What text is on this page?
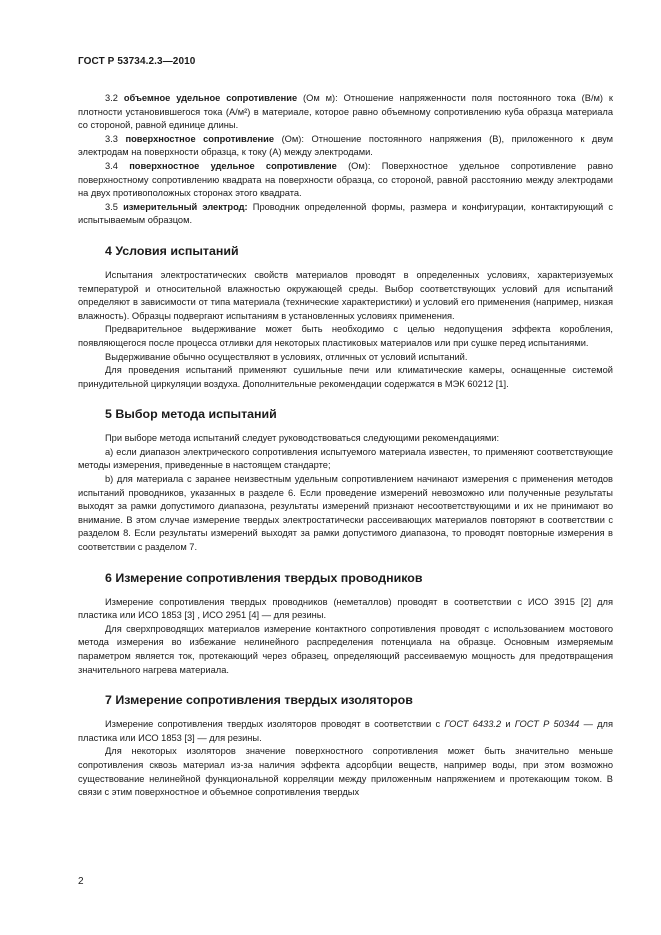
ГОСТ Р 53734.2.3—2010

3.2 объемное удельное сопротивление (Ом м): Отношение напряженности поля постоянного тока (В/м) к плотности установившегося тока (А/м²) в материале, которое равно объемному сопротивлению куба образца материала со стороной, равной единице длины.

3.3 поверхностное сопротивление (Ом): Отношение постоянного напряжения (В), приложенного к двум электродам на поверхности образца, к току (А) между электродами.

3.4 поверхностное удельное сопротивление (Ом): Поверхностное удельное сопротивление равно поверхностному сопротивлению квадрата на поверхности образца, со стороной, равной расстоянию между электродами на двух противоположных сторонах этого квадрата.

3.5 измерительный электрод: Проводник определенной формы, размера и конфигурации, контактирующий с испытываемым образцом.

4 Условия испытаний

Испытания электростатических свойств материалов проводят в определенных условиях, характеризуемых температурой и относительной влажностью окружающей среды. Выбор соответствующих условий для испытаний определяют в зависимости от типа материала (технические характеристики) и условий его применения (например, низкая влажность). Образцы подвергают испытаниям в установленных условиях применения.

Предварительное выдерживание может быть необходимо с целью недопущения эффекта коробления, появляющегося после процесса отливки для некоторых пластиковых материалов или при сушке перед испытаниями.

Выдерживание обычно осуществляют в условиях, отличных от условий испытаний.

Для проведения испытаний применяют сушильные печи или климатические камеры, оснащенные системой принудительной циркуляции воздуха. Дополнительные рекомендации содержатся в МЭК 60212 [1].

5 Выбор метода испытаний

При выборе метода испытаний следует руководствоваться следующими рекомендациями:

а) если диапазон электрического сопротивления испытуемого материала известен, то применяют соответствующие методы измерения, приведенные в настоящем стандарте;

b) для материала с заранее неизвестным удельным сопротивлением начинают измерения с применения методов испытаний проводников, указанных в разделе 6. Если проведение измерений невозможно или полученные результаты выходят за рамки допустимого диапазона, результаты измерений признают несоответствующими и их не принимают во внимание. В этом случае измерение твердых электростатически рассеивающих материалов повторяют в соответствии с разделом 8. Если результаты измерений выходят за рамки допустимого диапазона, то проводят повторные измерения в соответствии с разделом 7.

6 Измерение сопротивления твердых проводников

Измерение сопротивления твердых проводников (неметаллов) проводят в соответствии с ИСО 3915 [2] для пластика или ИСО 1853 [3] , ИСО 2951 [4] — для резины.

Для сверхпроводящих материалов измерение контактного сопротивления проводят с использованием мостового метода измерения во избежание нелинейного распределения потенциала на образце. Основным измеряемым параметром является ток, протекающий через образец, определяющий рассеиваемую мощность для предотвращения значительного нагрева материала.

7 Измерение сопротивления твердых изоляторов

Измерение сопротивления твердых изоляторов проводят в соответствии с ГОСТ 6433.2 и ГОСТ Р 50344 — для пластика или ИСО 1853 [3] — для резины.

Для некоторых изоляторов значение поверхностного сопротивления может быть значительно меньше сопротивления сквозь материал из-за наличия эффекта адсорбции веществ, например воды, при этом возможно существование нелинейной функциональной корреляции между приложенным напряжением и протекающим током. В связи с этим поверхностное и объемное сопротивления твердых

2
